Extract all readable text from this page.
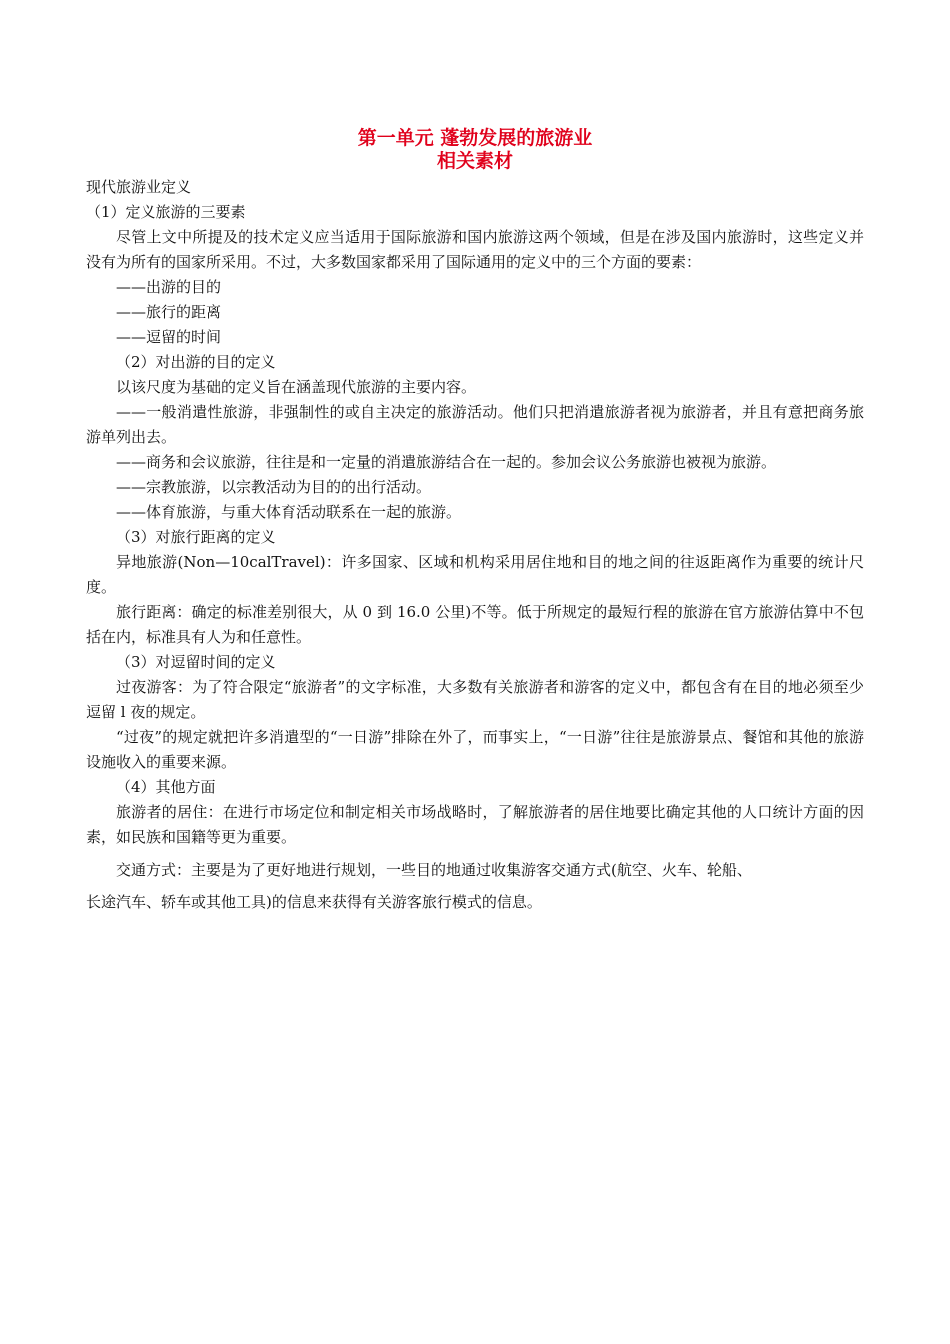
第一单元 蓬勃发展的旅游业
相关素材

现代旅游业定义

（1）定义旅游的三要素

尽管上文中所提及的技术定义应当适用于国际旅游和国内旅游这两个领域，但是在涉及国内旅游时，这些定义并没有为所有的国家所采用。不过，大多数国家都采用了国际通用的定义中的三个方面的要素：

——出游的目的

——旅行的距离

——逗留的时间

（2）对出游的目的定义

以该尺度为基础的定义旨在涵盖现代旅游的主要内容。

——一般消遣性旅游，非强制性的或自主决定的旅游活动。他们只把消遣旅游者视为旅游者，并且有意把商务旅游单列出去。

——商务和会议旅游，往往是和一定量的消遣旅游结合在一起的。参加会议公务旅游也被视为旅游。

——宗教旅游，以宗教活动为目的的出行活动。

——体育旅游，与重大体育活动联系在一起的旅游。

（3）对旅行距离的定义

异地旅游(Non—10calTravel)：许多国家、区域和机构采用居住地和目的地之间的往返距离作为重要的统计尺度。

旅行距离：确定的标准差别很大，从 0 到 16.0 公里)不等。低于所规定的最短行程的旅游在官方旅游估算中不包括在内，标准具有人为和任意性。

（3）对逗留时间的定义

过夜游客：为了符合限定“旅游者”的文字标准，大多数有关旅游者和游客的定义中，都包含有在目的地必须至少逗留 l 夜的规定。

“过夜”的规定就把许多消遣型的“一日游”排除在外了，而事实上，“一日游”往往是旅游景点、餐馆和其他的旅游设施收入的重要来源。

（4）其他方面

旅游者的居住：在进行市场定位和制定相关市场战略时，了解旅游者的居住地要比确定其他的人口统计方面的因素，如民族和国籍等更为重要。

交通方式：主要是为了更好地进行规划，一些目的地通过收集游客交通方式(航空、火车、轮船、

长途汽车、轿车或其他工具)的信息来获得有关游客旅行模式的信息。
